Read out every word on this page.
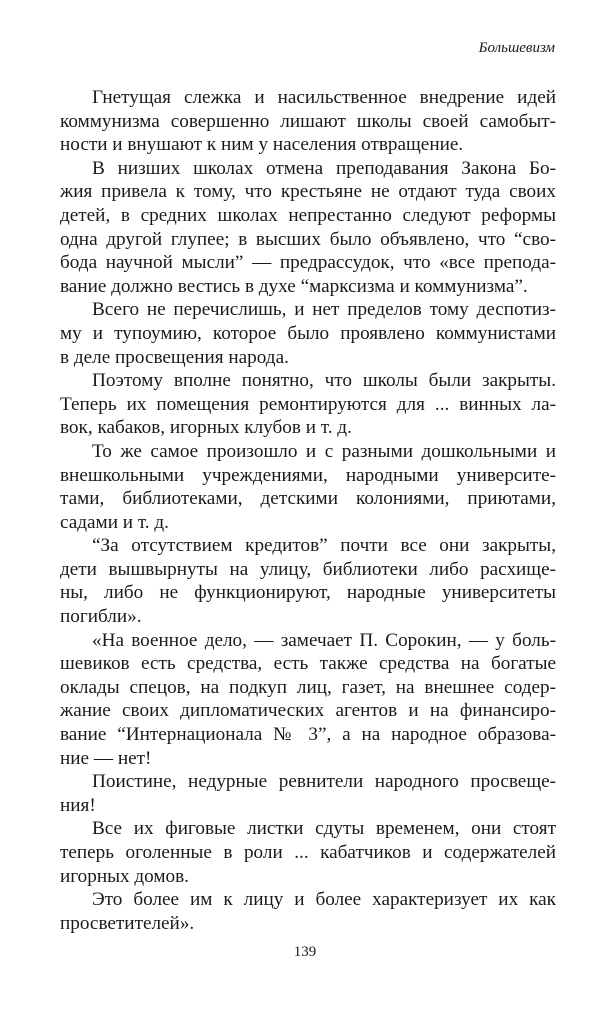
Большевизм
Гнетущая слежка и насильственное внедрение идей
коммунизма совершенно лишают школы своей самобыт-
ности и внушают к ним у населения отвращение.
В низших школах отмена преподавания Закона Бо-
жия привела к тому, что крестьяне не отдают туда своих
детей, в средних школах непрестанно следуют реформы
одна другой глупее; в высших было объявлено, что “сво-
бода научной мысли” — предрассудок, что «все препода-
вание должно вестись в духе “марксизма и коммунизма”.
Всего не перечислишь, и нет пределов тому деспотиз-
му и тупоумию, которое было проявлено коммунистами
в деле просвещения народа.
Поэтому вполне понятно, что школы были закрыты.
Теперь их помещения ремонтируются для ... винных ла-
вок, кабаков, игорных клубов и т. д.
То же самое произошло и с разными дошкольными и
внешкольными учреждениями, народными университе-
тами, библиотеками, детскими колониями, приютами,
садами и т. д.
“За отсутствием кредитов” почти все они закрыты,
дети вышвырнуты на улицу, библиотеки либо расхище-
ны, либо не функционируют, народные университеты
погибли».
«На военное дело, — замечает П. Сорокин, — у боль-
шевиков есть средства, есть также средства на богатые
оклады спецов, на подкуп лиц, газет, на внешнее содер-
жание своих дипломатических агентов и на финансиро-
вание “Интернационала № 3”, а на народное образова-
ние — нет!
Поистине, недурные ревнители народного просвеще-
ния!
Все их фиговые листки сдуты временем, они стоят
теперь оголенные в роли ... кабатчиков и содержателей
игорных домов.
Это более им к лицу и более характеризует их как
просветителей».
139
